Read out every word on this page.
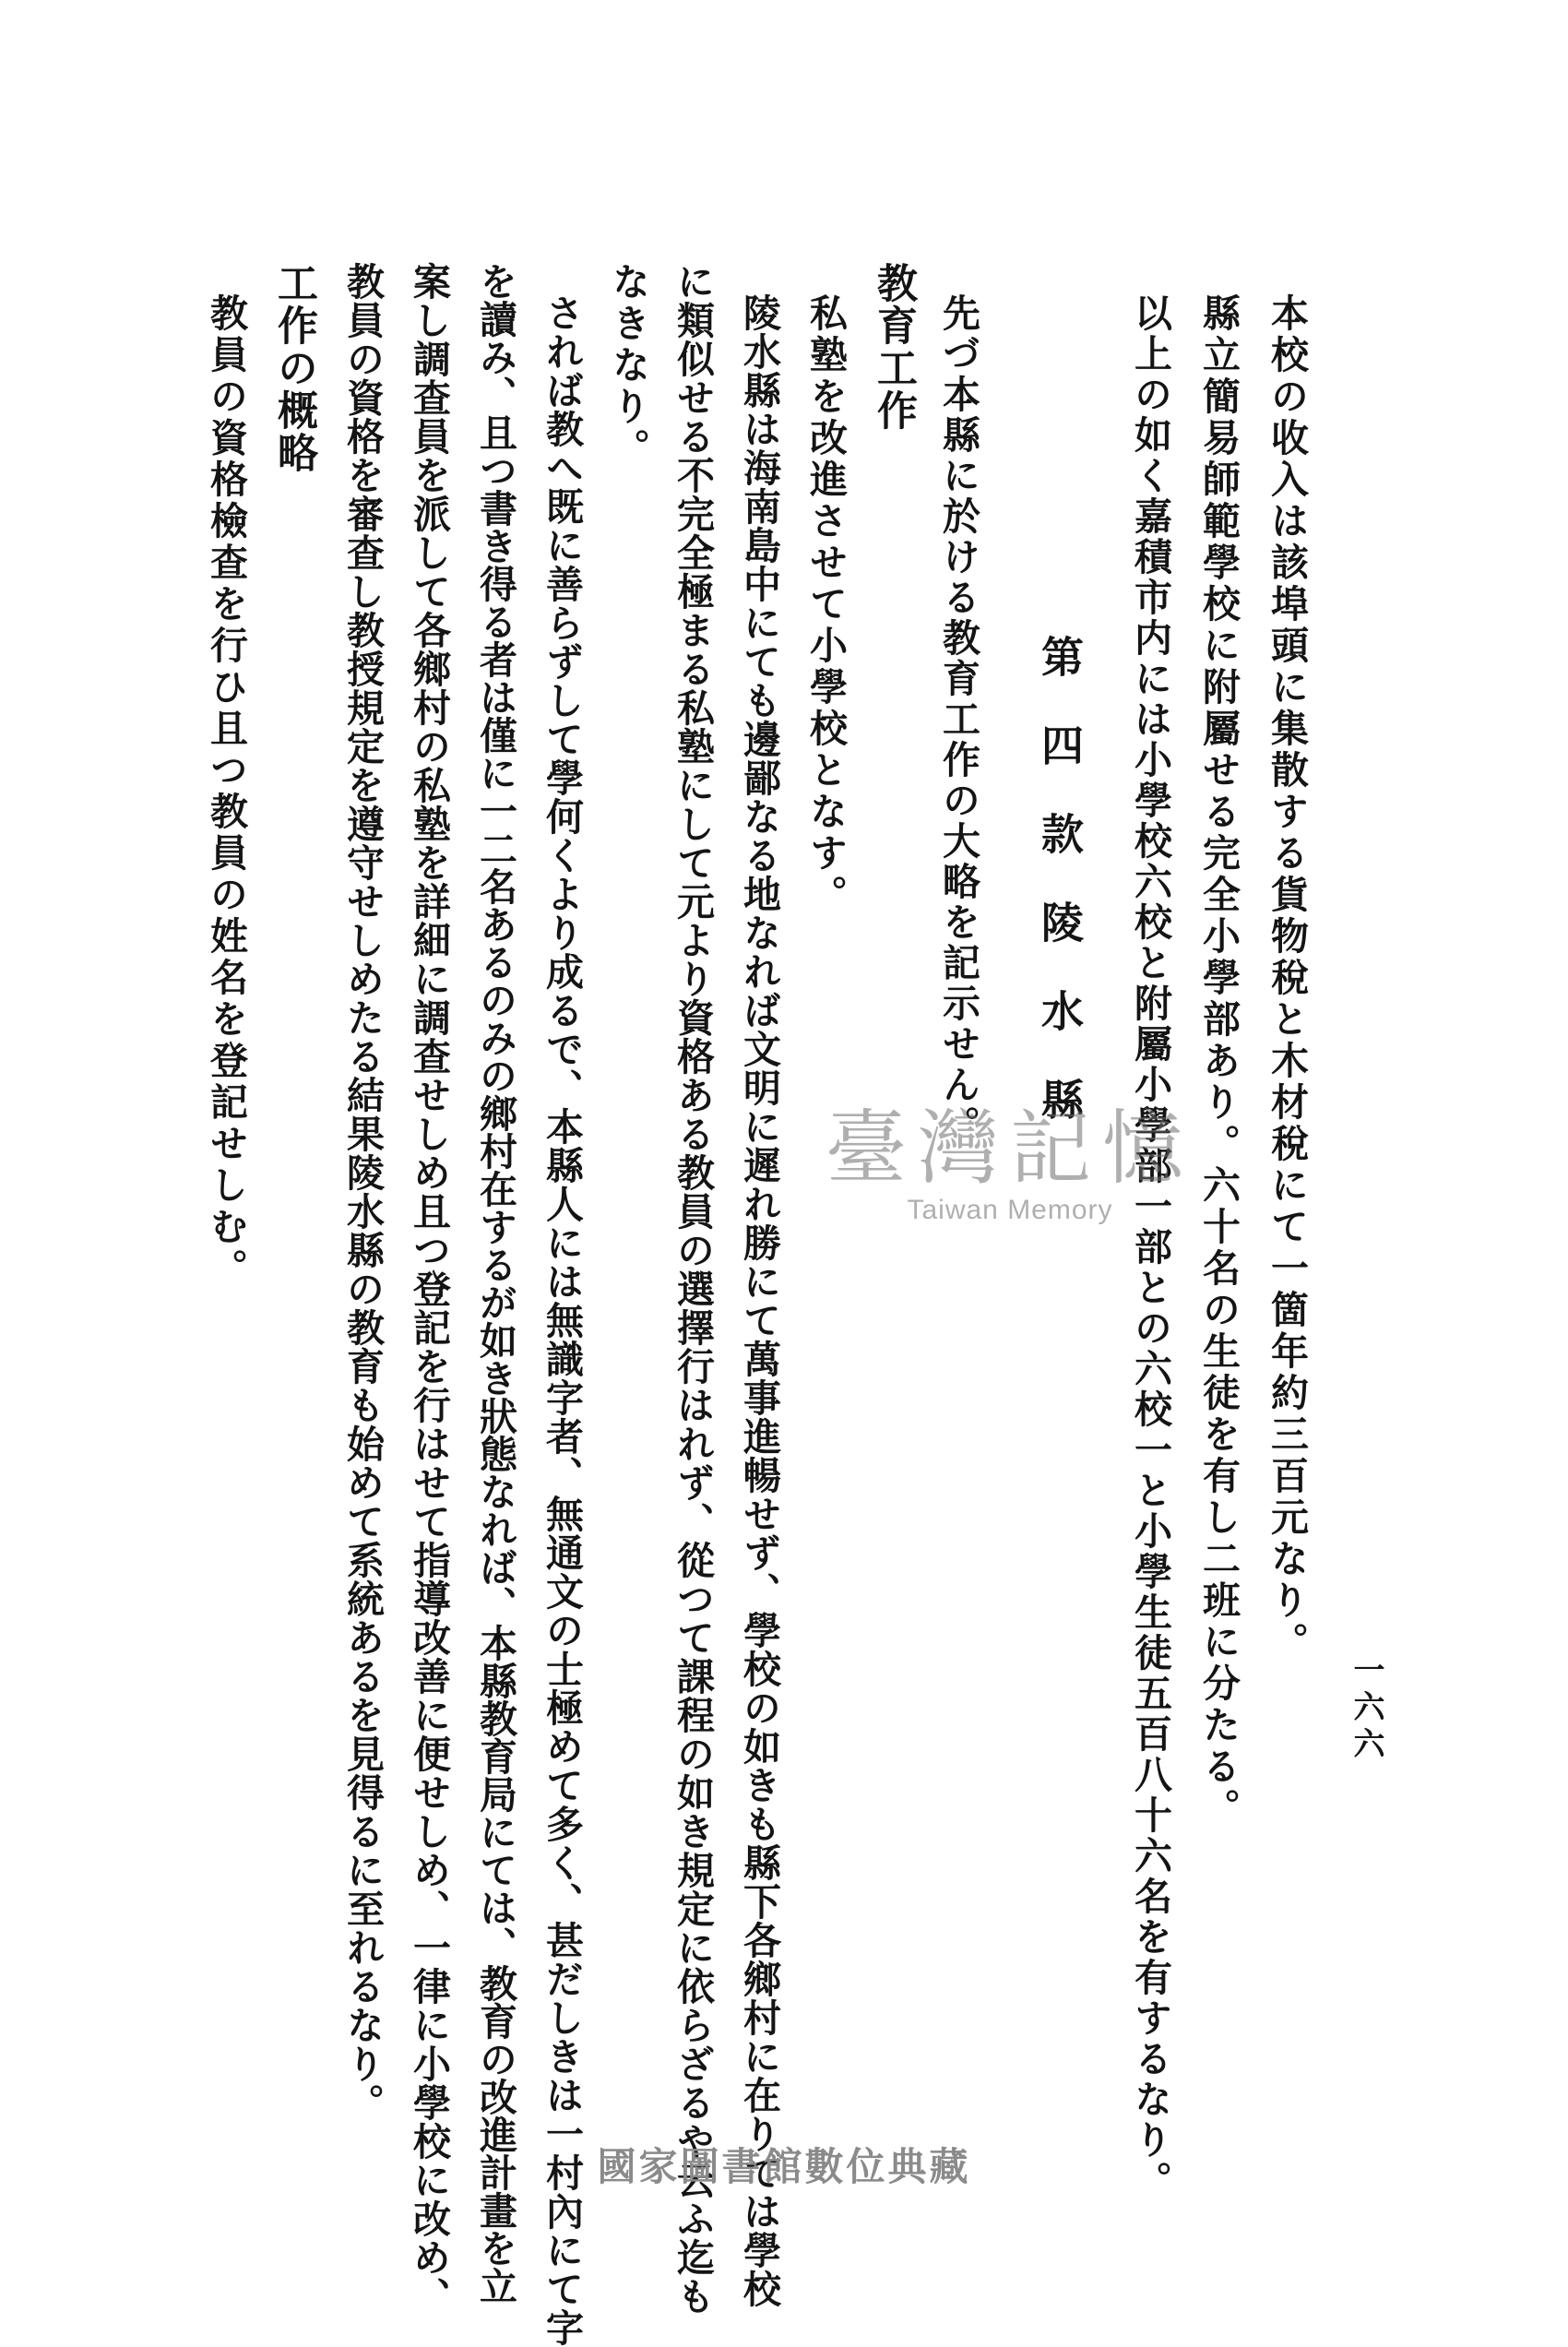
一六六
本校の收入は該埠頭に集散する貨物稅と木材稅にて一箇年約三百元なり。
縣立簡易師範學校に附屬せる完全小學部あり。六十名の生徒を有し二班に分たる。
以上の如く嘉積市内には小學校六校と附屬小學部一部との六校一と小學生徒五百八十六名を有するなり。
第四款陵水縣
先づ本縣に於ける教育工作の大略を記示せん。
教育工作
私塾を改進させて小學校となす。
陵水縣は海南島中にても邊鄙なる地なれば文明に遲れ勝にて萬事進暢せず、學校の如きも縣下各鄉村に在りては學校
に類似せる不完全極まる私塾にして元より資格ある教員の選擇行はれず、從つて課程の如き規定に依らざるや云ふ迄も
なきなり。
されば教へ既に善らずして學何くより成るで、本縣人には無識字者、無通文の士極めて多く、甚だしきは一村內にて字
を讀み、且つ書き得る者は僅に一二名あるのみの鄉村在するが如き狀態なれば、本縣教育局にては、教育の改進計畫を立
案し調查員を派して各鄉村の私塾を詳細に調查せしめ且つ登記を行はせて指導改善に便せしめ、一律に小學校に改め、
教員の資格を審查し教授規定を遵守せしめたる結果陵水縣の教育も始めて系統あるを見得るに至れるなり。
工作の概略
教員の資格檢查を行ひ且つ教員の姓名を登記せしむ。	臺灣記憶
Taiwan Memory
國家圖書館數位典藏
